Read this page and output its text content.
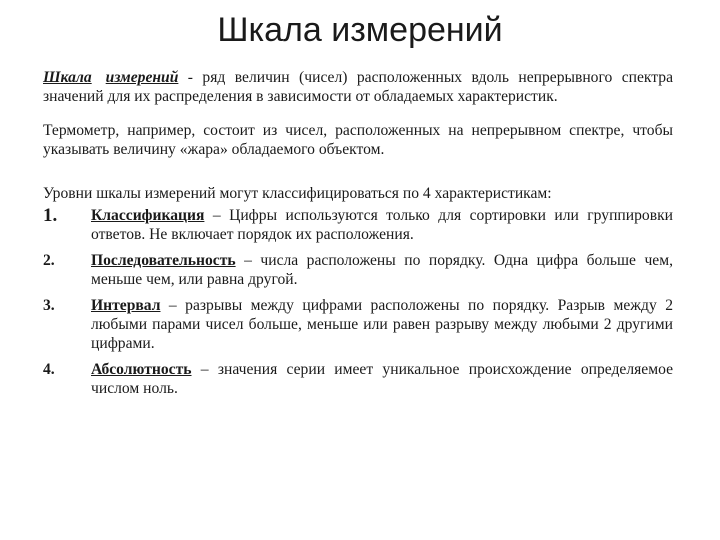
Шкала измерений

Шкала измерений - ряд величин (чисел) расположенных вдоль непрерывного спектра значений для их распределения в зависимости от обладаемых характеристик.

Термометр, например, состоит из чисел, расположенных на непрерывном спектре, чтобы указывать величину «жара» обладаемого объектом.

Уровни шкалы измерений могут классифицироваться по 4 характеристикам:

1. Классификация – Цифры используются только для сортировки или группировки ответов. Не включает порядок их расположения.
2. Последовательность – числа расположены по порядку. Одна цифра больше чем, меньше чем, или равна другой.
3. Интервал – разрывы между цифрами расположены по порядку. Разрыв между 2 любыми парами чисел больше, меньше или равен разрыву между любыми 2 другими цифрами.
4. Абсолютность – значения серии имеет уникальное происхождение определяемое числом ноль.
